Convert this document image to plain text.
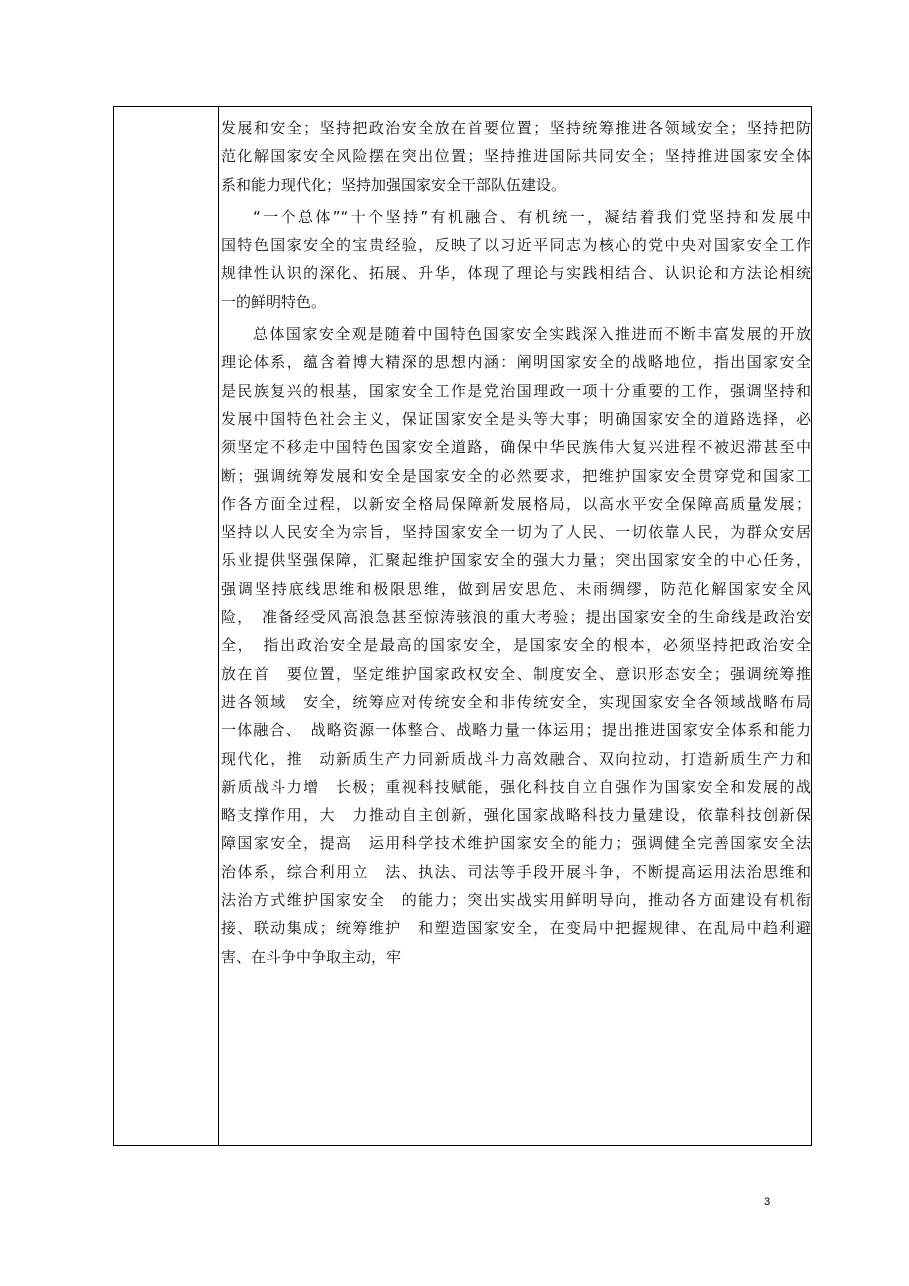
发展和安全；坚持把政治安全放在首要位置；坚持统筹推进各领域安全；坚持把防
范化解国家安全风险摆在突出位置；坚持推进国际共同安全；坚持推进国家安全体
系和能力现代化；坚持加强国家安全干部队伍建设。
“一个总体”“十个坚持”有机融合、有机统一，凝结着我们党坚持和发展中
国特色国家安全的宝贵经验，反映了以习近平同志为核心的党中央对国家安全工作
规律性认识的深化、拓展、升华，体现了理论与实践相结合、认识论和方法论相统
一的鲜明特色。
总体国家安全观是随着中国特色国家安全实践深入推进而不断丰富发展的开放
理论体系，蕴含着博大精深的思想内涵：阐明国家安全的战略地位，指出国家安全
是民族复兴的根基，国家安全工作是党治国理政一项十分重要的工作，强调坚持和
发展中国特色社会主义，保证国家安全是头等大事；明确国家安全的道路选择，必
须坚定不移走中国特色国家安全道路，确保中华民族伟大复兴进程不被迟滞甚至中
断；强调统筹发展和安全是国家安全的必然要求，把维护国家安全贯穿党和国家工
作各方面全过程，以新安全格局保障新发展格局，以高水平安全保障高质量发展；
坚持以人民安全为宗旨，坚持国家安全一切为了人民、一切依靠人民，为群众安居
乐业提供坚强保障，汇聚起维护国家安全的强大力量；突出国家安全的中心任务，
强调坚持底线思维和极限思维，做到居安思危、未雨绸缪，防范化解国家安全风
险，　准备经受风高浪急甚至惊涛骇浪的重大考验；提出国家安全的生命线是政治安
全，　指出政治安全是最高的国家安全，是国家安全的根本，必须坚持把政治安全
放在首　要位置，坚定维护国家政权安全、制度安全、意识形态安全；强调统筹推
进各领域　安全，统筹应对传统安全和非传统安全，实现国家安全各领域战略布局
一体融合、　战略资源一体整合、战略力量一体运用；提出推进国家安全体系和能力
现代化，推　动新质生产力同新质战斗力高效融合、双向拉动，打造新质生产力和
新质战斗力增　长极；重视科技赋能，强化科技自立自强作为国家安全和发展的战
略支撑作用，大　力推动自主创新，强化国家战略科技力量建设，依靠科技创新保
障国家安全，提高　运用科学技术维护国家安全的能力；强调健全完善国家安全法
治体系，综合利用立　法、执法、司法等手段开展斗争，不断提高运用法治思维和
法治方式维护国家安全　的能力；突出实战实用鲜明导向，推动各方面建设有机衔
接、联动集成；统筹维护　和塑造国家安全，在变局中把握规律、在乱局中趋利避
害、在斗争中争取主动，牢
3
